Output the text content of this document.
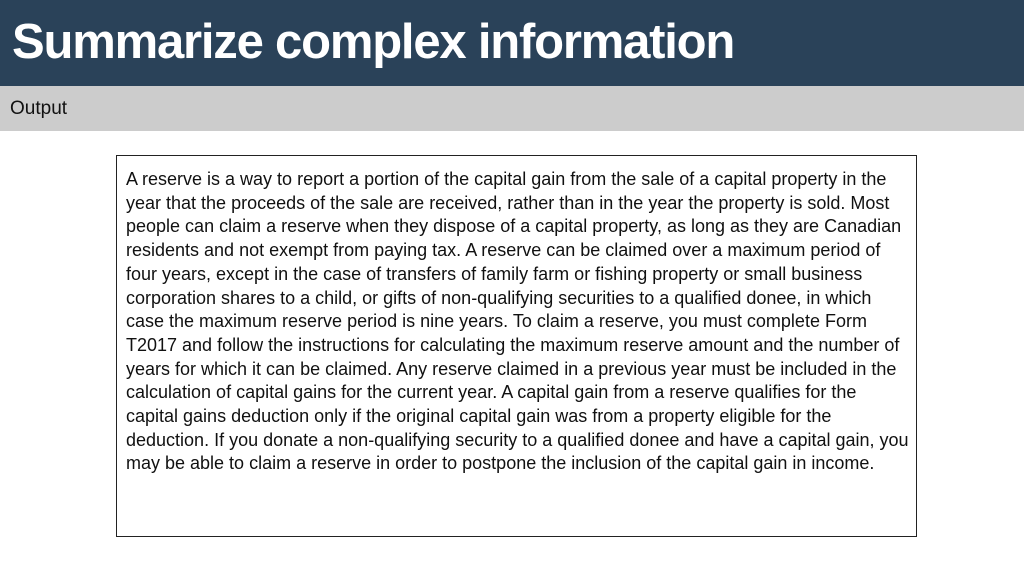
Summarize complex information
Output

A reserve is a way to report a portion of the capital gain from the sale of a capital property in the year that the proceeds of the sale are received, rather than in the year the property is sold. Most people can claim a reserve when they dispose of a capital property, as long as they are Canadian residents and not exempt from paying tax. A reserve can be claimed over a maximum period of four years, except in the case of transfers of family farm or fishing property or small business corporation shares to a child, or gifts of non-qualifying securities to a qualified donee, in which case the maximum reserve period is nine years. To claim a reserve, you must complete Form T2017 and follow the instructions for calculating the maximum reserve amount and the number of years for which it can be claimed. Any reserve claimed in a previous year must be included in the calculation of capital gains for the current year. A capital gain from a reserve qualifies for the capital gains deduction only if the original capital gain was from a property eligible for the deduction. If you donate a non-qualifying security to a qualified donee and have a capital gain, you may be able to claim a reserve in order to postpone the inclusion of the capital gain in income.
